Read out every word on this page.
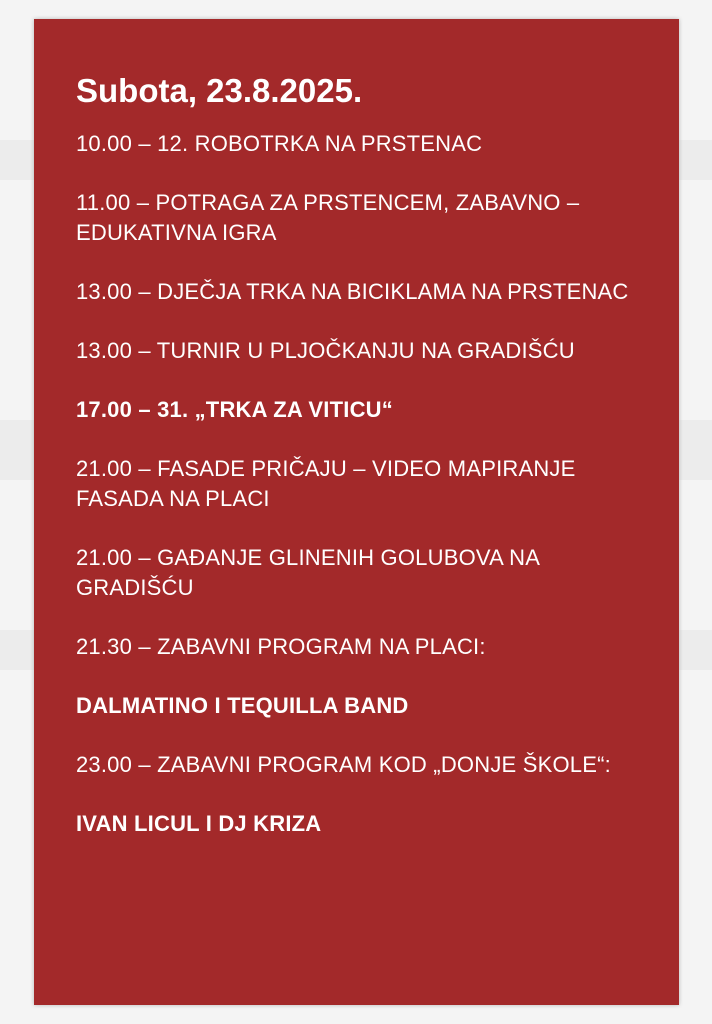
Subota, 23.8.2025.
10.00 – 12. ROBOTRKA NA PRSTENAC
11.00 – POTRAGA ZA PRSTENCEM, ZABAVNO – EDUKATIVNA IGRA
13.00 – DJEČJA TRKA NA BICIKLAMA NA PRSTENAC
13.00 – TURNIR U PLJOČKANJU NA GRADIŠĆU
17.00 – 31. „TRKA ZA VITICU“
21.00 – FASADE PRIČAJU – VIDEO MAPIRANJE FASADA NA PLACI
21.00 – GAĐANJE GLINENIH GOLUBOVA NA GRADIŠĆU
21.30 – ZABAVNI PROGRAM NA PLACI:
DALMATINO I TEQUILLA BAND
23.00 – ZABAVNI PROGRAM KOD „DONJE ŠKOLE“:
IVAN LICUL I DJ KRIZA
